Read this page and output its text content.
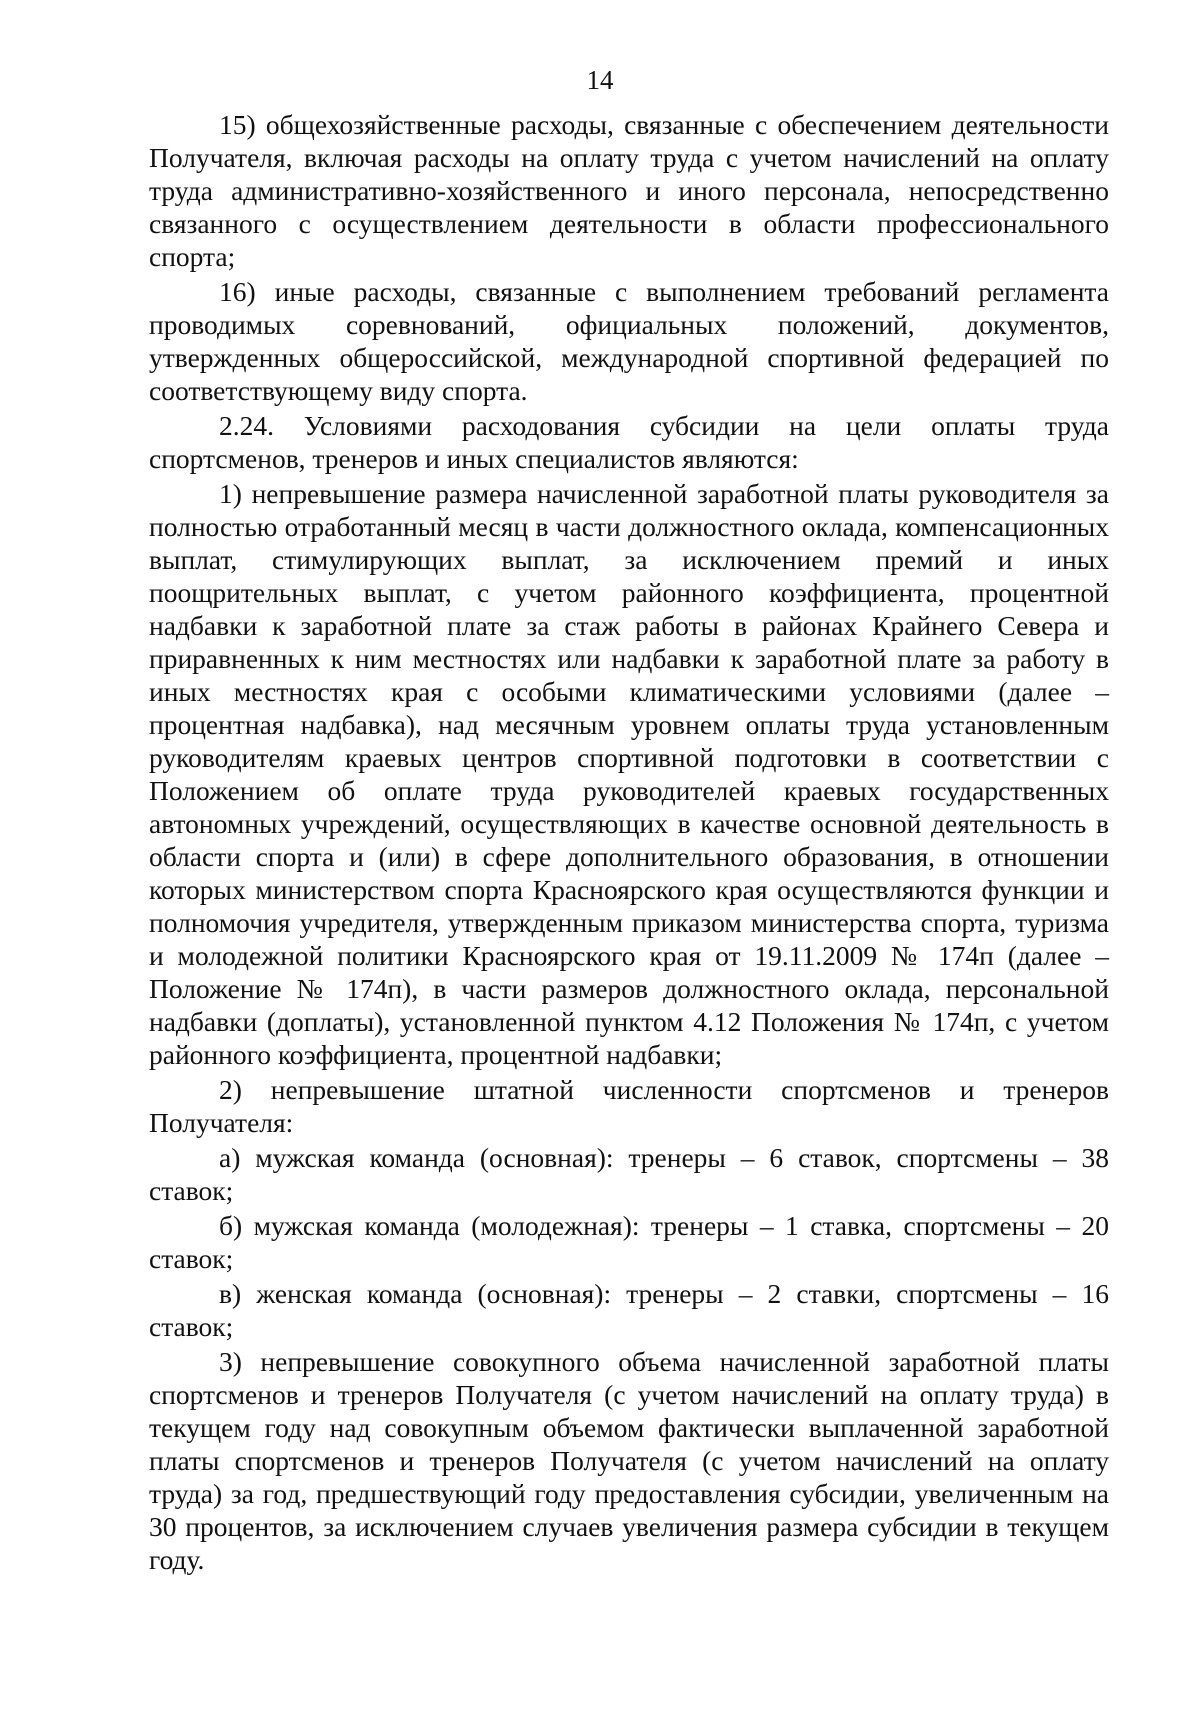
14

15) общехозяйственные расходы, связанные с обеспечением деятельности Получателя, включая расходы на оплату труда с учетом начислений на оплату труда административно-хозяйственного и иного персонала, непосредственно связанного с осуществлением деятельности в области профессионального спорта;

16) иные расходы, связанные с выполнением требований регламента проводимых соревнований, официальных положений, документов, утвержденных общероссийской, международной спортивной федерацией по соответствующему виду спорта.

2.24. Условиями расходования субсидии на цели оплаты труда спортсменов, тренеров и иных специалистов являются:

1) непревышение размера начисленной заработной платы руководителя за полностью отработанный месяц в части должностного оклада, компенсационных выплат, стимулирующих выплат, за исключением премий и иных поощрительных выплат, с учетом районного коэффициента, процентной надбавки к заработной плате за стаж работы в районах Крайнего Севера и приравненных к ним местностях или надбавки к заработной плате за работу в иных местностях края с особыми климатическими условиями (далее – процентная надбавка), над месячным уровнем оплаты труда установленным руководителям краевых центров спортивной подготовки в соответствии с Положением об оплате труда руководителей краевых государственных автономных учреждений, осуществляющих в качестве основной деятельность в области спорта и (или) в сфере дополнительного образования, в отношении которых министерством спорта Красноярского края осуществляются функции и полномочия учредителя, утвержденным приказом министерства спорта, туризма и молодежной политики Красноярского края от 19.11.2009 № 174п (далее – Положение № 174п), в части размеров должностного оклада, персональной надбавки (доплаты), установленной пунктом 4.12 Положения № 174п, с учетом районного коэффициента, процентной надбавки;

2) непревышение штатной численности спортсменов и тренеров Получателя:

а) мужская команда (основная): тренеры – 6 ставок, спортсмены – 38 ставок;

б) мужская команда (молодежная): тренеры – 1 ставка, спортсмены – 20 ставок;

в) женская команда (основная): тренеры – 2 ставки, спортсмены – 16 ставок;

3) непревышение совокупного объема начисленной заработной платы спортсменов и тренеров Получателя (с учетом начислений на оплату труда) в текущем году над совокупным объемом фактически выплаченной заработной платы спортсменов и тренеров Получателя (с учетом начислений на оплату труда) за год, предшествующий году предоставления субсидии, увеличенным на 30 процентов, за исключением случаев увеличения размера субсидии в текущем году.
